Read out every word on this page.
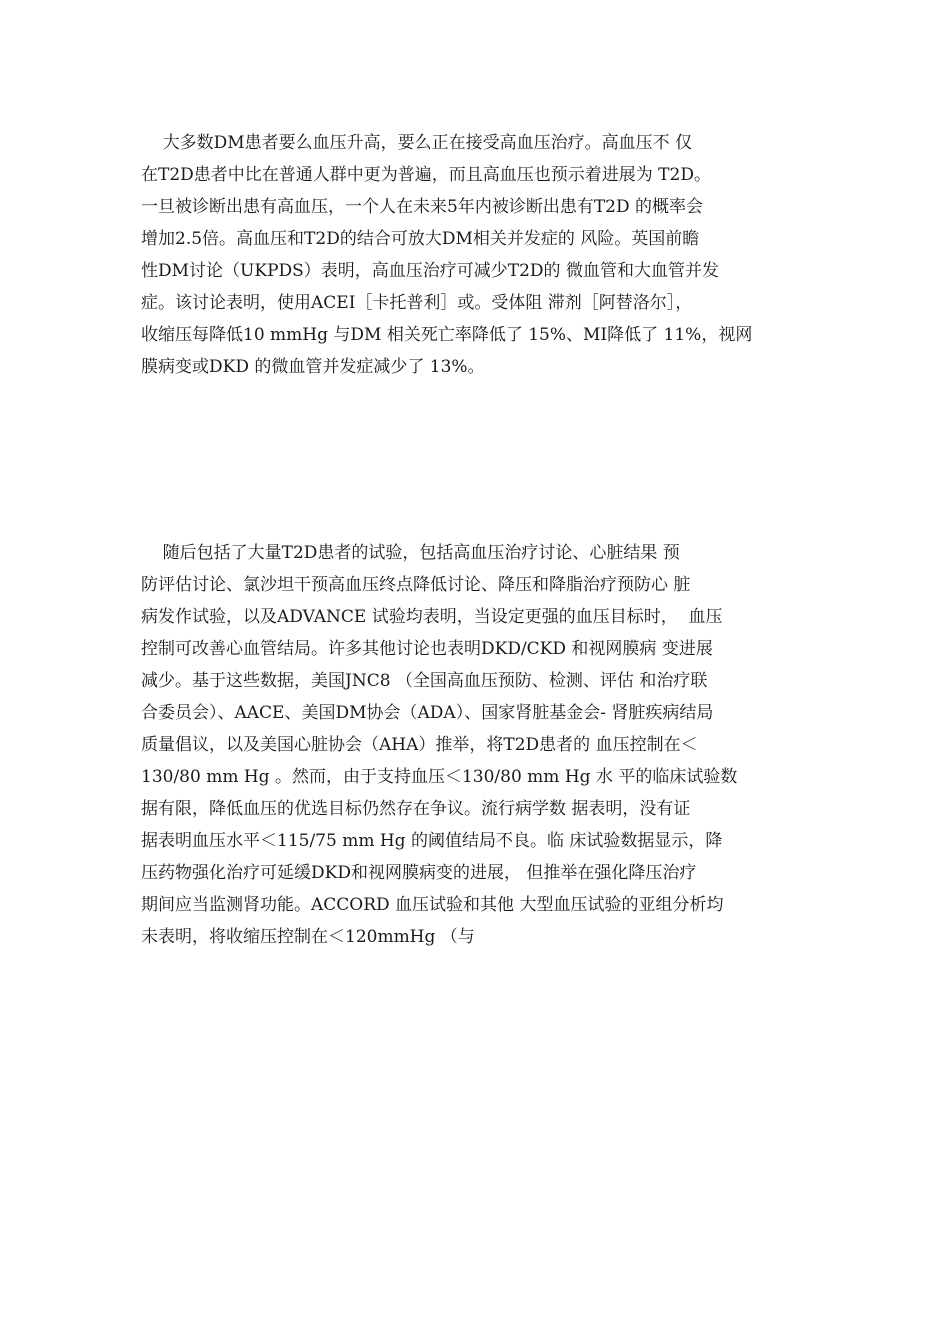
大多数DM患者要么血压升高，要么正在接受高血压治疗。高血压不 仅
在T2D患者中比在普通人群中更为普遍，而且高血压也预示着进展为 T2D。
一旦被诊断出患有高血压，一个人在未来5年内被诊断出患有T2D 的概率会
增加2.5倍。高血压和T2D的结合可放大DM相关并发症的 风险。英国前瞻
性DM讨论（UKPDS）表明，高血压治疗可减少T2D的 微血管和大血管并发
症。该讨论表明，使用ACEI［卡托普利］或。受体阻 滞剂［阿替洛尔］，
收缩压每降低10 mmHg 与DM 相关死亡率降低了 15%、MI降低了 11%，视网
膜病变或DKD 的微血管并发症减少了 13%。
随后包括了大量T2D患者的试验，包括高血压治疗讨论、心脏结果 预
防评估讨论、氯沙坦干预高血压终点降低讨论、降压和降脂治疗预防心 脏
病发作试验，以及ADVANCE 试验均表明，当设定更强的血压目标时，  血压
控制可改善心血管结局。许多其他讨论也表明DKD/CKD 和视网膜病 变进展
减少。基于这些数据，美国JNC8 （全国高血压预防、检测、评估 和治疗联
合委员会）、AACE、美国DM协会（ADA）、国家肾脏基金会- 肾脏疾病结局
质量倡议，以及美国心脏协会（AHA）推举，将T2D患者的 血压控制在＜
130/80 mm Hg 。然而，由于支持血压＜130/80 mm Hg 水 平的临床试验数
据有限，降低血压的优选目标仍然存在争议。流行病学数 据表明，没有证
据表明血压水平＜115/75 mm Hg 的阈值结局不良。临 床试验数据显示，降
压药物强化治疗可延缓DKD和视网膜病变的进展， 但推举在强化降压治疗
期间应当监测肾功能。ACCORD 血压试验和其他 大型血压试验的亚组分析均
未表明，将收缩压控制在＜120mmHg （与
